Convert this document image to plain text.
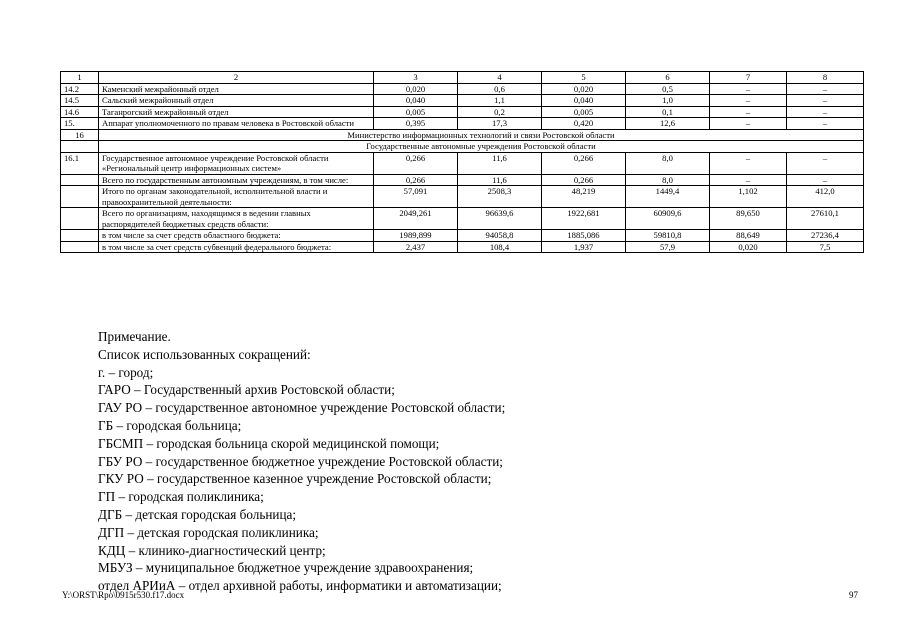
1	2	3	4	5	6	7	8
14.2	Каменский межрайонный отдел	0,020	0,6	0,020	0,5	–	–
14.5	Сальский межрайонный отдел	0,040	1,1	0,040	1,0	–	–
14.6	Таганрогский межрайонный отдел	0,005	0,2	0,005	0,1	–	–
15.	Аппарат уполномоченного по правам человека в Ростовской области	0,395	17,3	0,420	12,6	–	–
16	Министерство информационных технологий и связи Ростовской области						
	Государственные автономные учреждения Ростовской области						
16.1	Государственное автономное учреждение Ростовской области «Региональный центр информационных систем»	0,266	11,6	0,266	8,0	–	–
	Всего по государственным автономным учреждениям, в том числе:	0,266	11,6	0,266	8,0	–	–
	Итого по органам законодательной, исполнительной власти и правоохранительной деятельности:	57,091	2508,3	48,219	1449,4	1,102	412,0
	Всего по организациям, находящимся в ведении главных распорядителей бюджетных средств области:	2049,261	96639,6	1922,681	60909,6	89,650	27610,1
	в том числе за счет средств областного бюджета:	1989,899	94058,8	1885,086	59810,8	88,649	27236,4
	в том числе за счет средств субвенций федерального бюджета:	2,437	108,4	1,937	57,9	0,020	7,5
Примечание.
Список использованных сокращений:
г. – город;
ГАРО – Государственный архив Ростовской области;
ГАУ РО – государственное автономное учреждение Ростовской области;
ГБ – городская больница;
ГБСМП – городская больница скорой медицинской помощи;
ГБУ РО – государственное бюджетное учреждение Ростовской области;
ГКУ РО – государственное казенное учреждение Ростовской области;
ГП – городская поликлиника;
ДГБ – детская городская больница;
ДГП – детская городская поликлиника;
КДЦ – клинико-диагностический центр;
МБУЗ – муниципальное бюджетное учреждение здравоохранения;
отдел АРИиА – отдел архивной работы, информатики и автоматизации;
Y:\ORST\Rpo\0915r530.f17.docx	97
